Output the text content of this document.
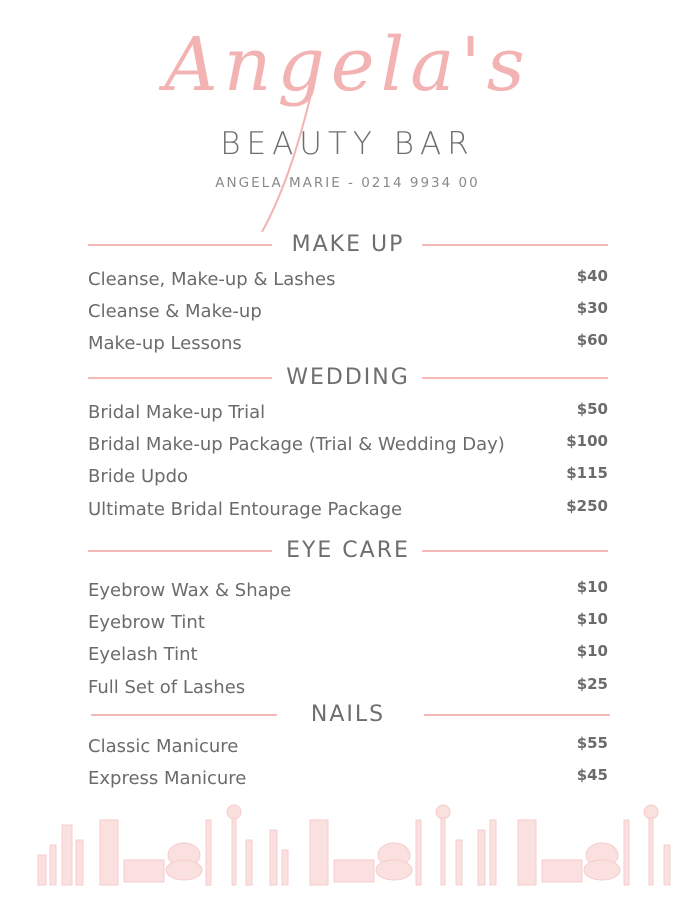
Angela's
BEAUTY BAR
ANGELA MARIE - 0214 9934 00
MAKE UP
Cleanse, Make-up & Lashes	$40
Cleanse & Make-up	$30
Make-up Lessons	$60
WEDDING
Bridal Make-up Trial	$50
Bridal Make-up Package (Trial & Wedding Day)	$100
Bride Updo	$115
Ultimate Bridal Entourage Package	$250
EYE CARE
Eyebrow Wax & Shape	$10
Eyebrow Tint	$10
Eyelash Tint	$10
Full Set of Lashes	$25
NAILS
Classic Manicure	$55
Express Manicure	$45
